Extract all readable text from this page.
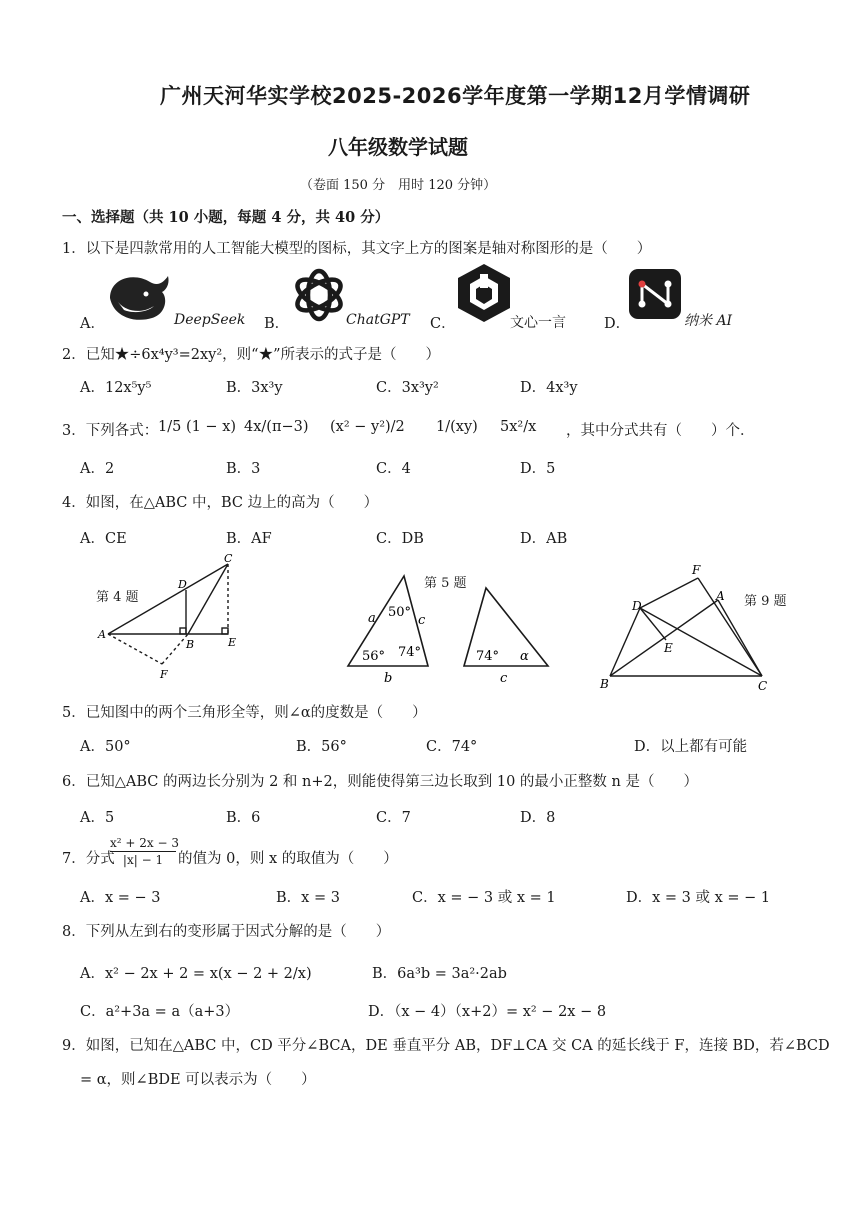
广州天河华实学校2025-2026学年度第一学期12月学情调研
八年级数学试题
（卷面 150 分　用时 120 分钟）
一、选择题（共 10 小题，每题 4 分，共 40 分）
1．以下是四款常用的人工智能大模型的图标，其文字上方的图案是轴对称图形的是（　　）
A．	DeepSeek B．	ChatGPT C．	文心一言	D．	纳米 AI
2．已知★÷6x⁴y³=2xy²，则“★”所表示的式子是（　　）
A．12x⁵y⁵	B．3x³y	C．3x³y²	D．4x³y
3．下列各式： 1/5 (1 − x) 4x/(π−3) (x² − y²)/2 1/(xy) 5x²/x ，其中分式共有（　　）个．
A．2	B．3	C．4	D．5
4．如图，在△ABC 中，BC 边上的高为（　　）
A．CE	B．AF	C．DB	D．AB
第 4 题
A
B
C
D
E
F
第 5 题
a	c
b
50°
56° 74°	74° α
c
第 9 题
B	C
A
D
E
F
5．已知图中的两个三角形全等，则∠α的度数是（　　）
A．50°	B．56°	C．74°	D．以上都有可能
6．已知△ABC 的两边长分别为 2 和 n+2，则能使得第三边长取到 10 的最小正整数 n 是（　　）
A．5	B．6	C．7	D．8
7．分式
$\frac{\text{x² + 2x − 3}}{|x| - 1}$ 的值为 0，则 x 的取值为（　　）
A．x = − 3	B．x = 3	C．x = − 3 或 x = 1	D．x = 3 或 x = − 1
8．下列从左到右的变形属于因式分解的是（　　）
A．x² − 2x + 2 = x(x − 2 + 2/x)	B．6a³b = 3a²·2ab
C．a²+3a = a（a+3）	D．（x − 4）（x+2）= x² − 2x − 8
9．如图，已知在△ABC 中，CD 平分∠BCA，DE 垂直平分 AB，DF⊥CA 交 CA 的延长线于 F，连接 BD，若∠BCD
= α，则∠BDE 可以表示为（　　）
